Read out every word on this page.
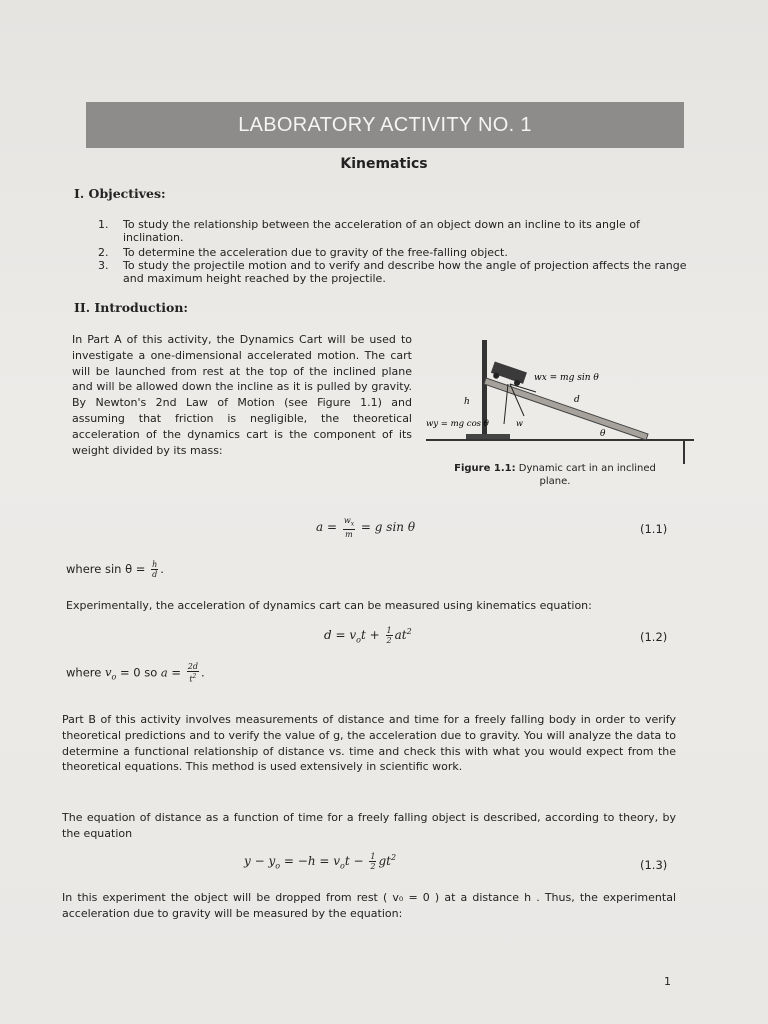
LABORATORY ACTIVITY NO. 1
Kinematics
I. Objectives:
1. To study the relationship between the acceleration of an object down an incline to its angle of inclination.
2. To determine the acceleration due to gravity of the free-falling object.
3. To study the projectile motion and to verify and describe how the angle of projection affects the range and maximum height reached by the projectile.
II. Introduction:
In Part A of this activity, the Dynamics Cart will be used to investigate a one-dimensional accelerated motion. The cart will be launched from rest at the top of the inclined plane and will be allowed down the incline as it is pulled by gravity. By Newton's 2nd Law of Motion (see Figure 1.1) and assuming that friction is negligible, the theoretical acceleration of the dynamics cart is the component of its weight divided by its mass:
wx = mg sin θ
wy = mg cos θ
h	d
w
θ
Figure 1.1: Dynamic cart in an inclined plane.
$a = \frac{w_x}{m} = g$ sin θ	(1.1)
where $\sin \theta = \frac{h}{d}$ .
Experimentally, the acceleration of dynamics cart can be measured using kinematics equation:
$d = v_ot + \frac{1}{2} at^2$	(1.2)
where $v_o = 0$ so $a = \frac{2d}{t^2}$ .
Part B of this activity involves measurements of distance and time for a freely falling body in order to verify theoretical predictions and to verify the value of g, the acceleration due to gravity. You will analyze the data to determine a functional relationship of distance vs. time and check this with what you would expect from the theoretical equations. This method is used extensively in scientific work.
The equation of distance as a function of time for a freely falling object is described, according to theory, by the equation
$y - y_o = -h = v_ot - \frac{1}{2} gt^2$
(1.3)
In this experiment the object will be dropped from rest ( v₀ = 0 ) at a distance h . Thus, the experimental acceleration due to gravity will be measured by the equation:
1
